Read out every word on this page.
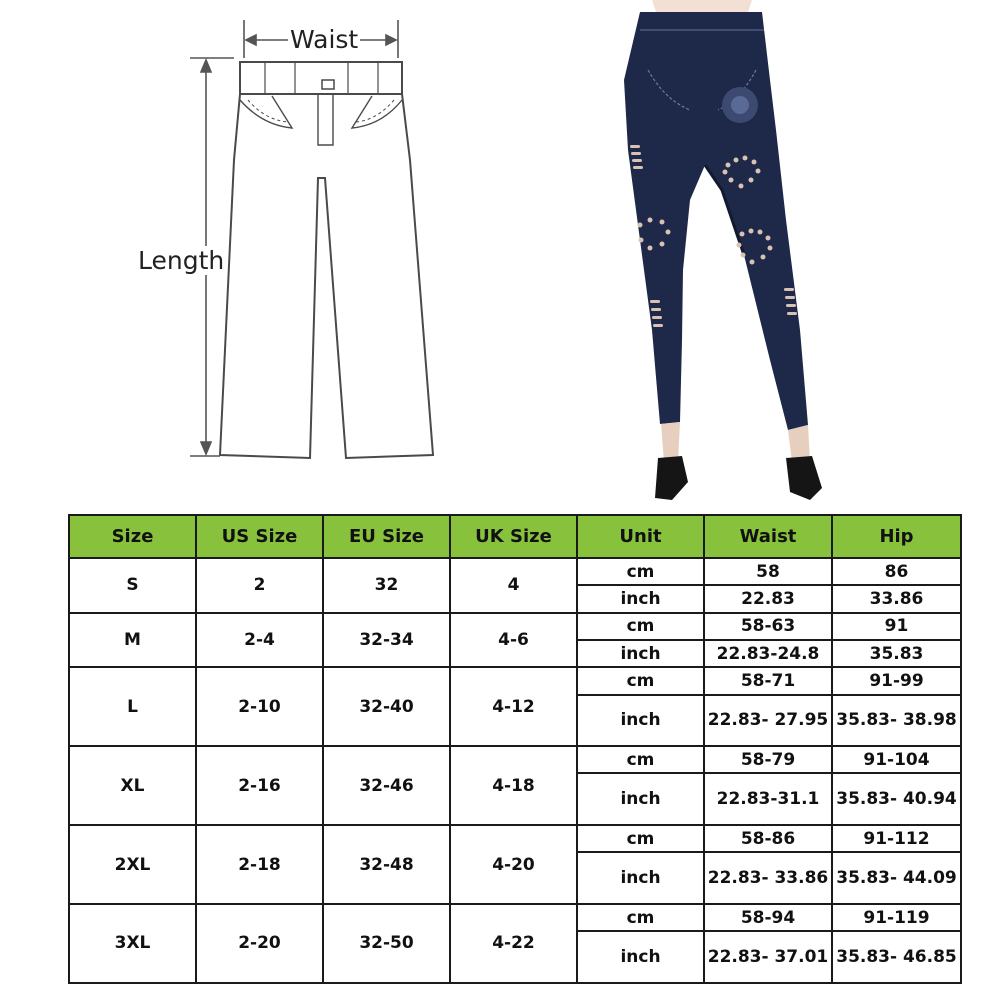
Waist
Length
Size	US Size	EU Size	UK Size	Unit	Waist	Hip
S	2	32	4	cm	58	86
				inch	22.83	33.86
M	2-4	32-34	4-6	cm	58-63	91
				inch	22.83-24.8	35.83
L	2-10	32-40	4-12	cm	58-71	91-99
				inch	22.83- 27.95	35.83- 38.98
XL	2-16	32-46	4-18	cm	58-79	91-104
				inch	22.83-31.1	35.83- 40.94
2XL	2-18	32-48	4-20	cm	58-86	91-112
				inch	22.83- 33.86	35.83- 44.09
3XL	2-20	32-50	4-22	cm	58-94	91-119
				inch	22.83- 37.01	35.83- 46.85
